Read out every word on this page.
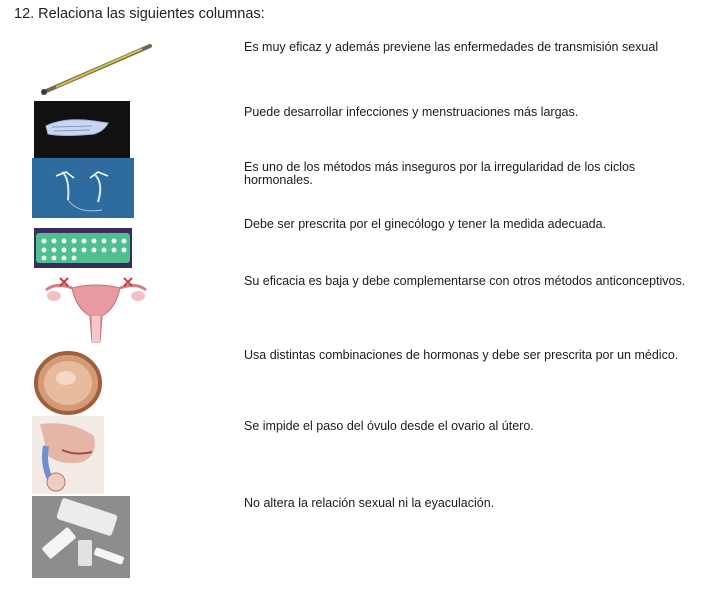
12. Relaciona las siguientes columnas:
Es muy eficaz y además previene las enfermedades de transmisión sexual
Puede desarrollar infecciones y menstruaciones más largas.
Es uno de los métodos más inseguros por la irregularidad de los ciclos hormonales.
Debe ser prescrita por el ginecólogo y tener la medida adecuada.
Su eficacia es baja y debe complementarse con otros métodos anticonceptivos.
Usa distintas combinaciones de hormonas y debe ser prescrita por un médico.
Se impide el paso del óvulo desde el ovario al útero.
No altera la relación sexual ni la eyaculación.
